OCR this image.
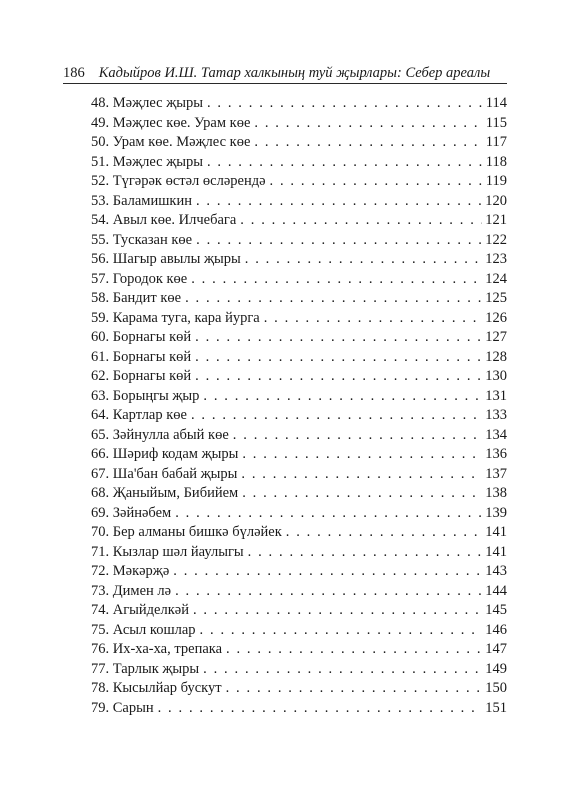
186 Кадыйров И.Ш. Татар халкының туй җырлары: Себер ареалы
48. Мәҗлес җыры . . .	114
49. Мәҗлес көе. Урам көе . . .	115
50. Урам көе. Мәҗлес көе . . .	117
51. Мәҗлес җыры . . .	118
52. Түгәрәк өстәл өсләрендә . . .	119
53. Баламишкин . . .	120
54. Авыл көе. Илчебага . . .	121
55. Тусказан көе . . .	122
56. Шагыр авылы җыры . . .	123
57. Городок көе . . .	124
58. Бандит көе . . .	125
59. Карама туга, кара йурга . . .	126
60. Борнагы көй . . .	127
61. Борнагы көй . . .	128
62. Борнагы көй . . .	130
63. Борыңгы җыр . . .	131
64. Картлар көе . . .	133
65. Зәйнулла абый көе . . .	134
66. Шәриф кодам җыры . . .	136
67. Ша'бан бабай җыры . . .	137
68. Җаныйым, Бибийем . . .	138
69. Зәйнәбем . . .	139
70. Бер алманы бишкә бүләйек . . .	141
71. Кызлар шәл йаулыгы . . .	141
72. Мәкәрҗә . . .	143
73. Димен лә . . .	144
74. Агыйделкәй . . .	145
75. Асыл кошлар . . .	146
76. Их-ха-ха, трепака . . .	147
77. Тарлык җыры . . .	149
78. Кысылйар бускут . . .	150
79. Сарын . . .	151
